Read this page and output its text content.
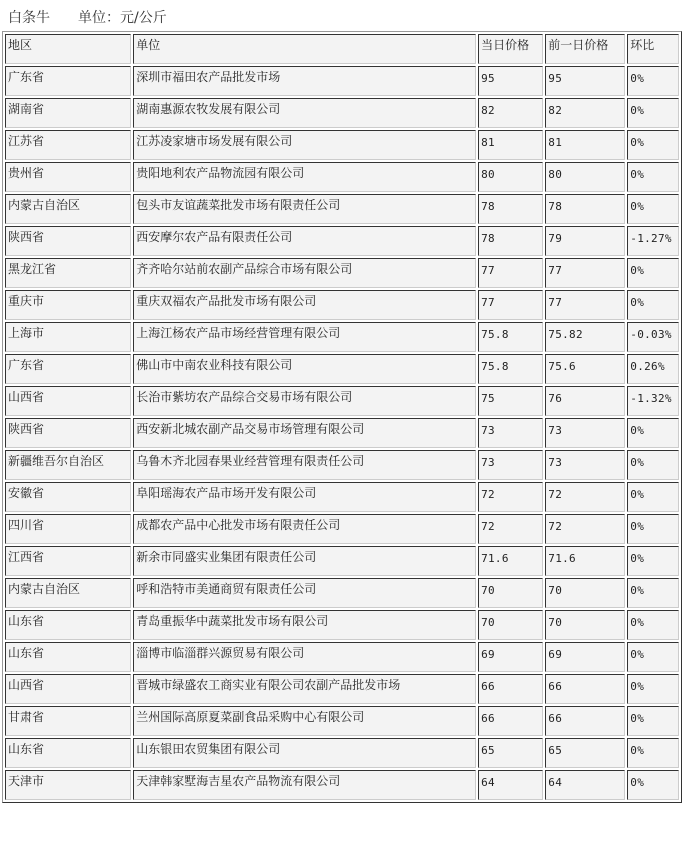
白条牛 单位：元/公斤
地区	单位	当日价格	前一日价格	环比
广东省	深圳市福田农产品批发市场	95	95	0%
湖南省	湖南惠源农牧发展有限公司	82	82	0%
江苏省	江苏凌家塘市场发展有限公司	81	81	0%
贵州省	贵阳地利农产品物流园有限公司	80	80	0%
内蒙古自治区	包头市友谊蔬菜批发市场有限责任公司	78	78	0%
陕西省	西安摩尔农产品有限责任公司	78	79	-1.27%
黑龙江省	齐齐哈尔站前农副产品综合市场有限公司	77	77	0%
重庆市	重庆双福农产品批发市场有限公司	77	77	0%
上海市	上海江杨农产品市场经营管理有限公司	75.8	75.82	-0.03%
广东省	佛山市中南农业科技有限公司	75.8	75.6	0.26%
山西省	长治市紫坊农产品综合交易市场有限公司	75	76	-1.32%
陕西省	西安新北城农副产品交易市场管理有限公司	73	73	0%
新疆维吾尔自治区	乌鲁木齐北园春果业经营管理有限责任公司	73	73	0%
安徽省	阜阳瑶海农产品市场开发有限公司	72	72	0%
四川省	成都农产品中心批发市场有限责任公司	72	72	0%
江西省	新余市同盛实业集团有限责任公司	71.6	71.6	0%
内蒙古自治区	呼和浩特市美通商贸有限责任公司	70	70	0%
山东省	青岛重振华中蔬菜批发市场有限公司	70	70	0%
山东省	淄博市临淄群兴源贸易有限公司	69	69	0%
山西省	晋城市绿盛农工商实业有限公司农副产品批发市场	66	66	0%
甘肃省	兰州国际高原夏菜副食品采购中心有限公司	66	66	0%
山东省	山东银田农贸集团有限公司	65	65	0%
天津市	天津韩家墅海吉星农产品物流有限公司	64	64	0%
